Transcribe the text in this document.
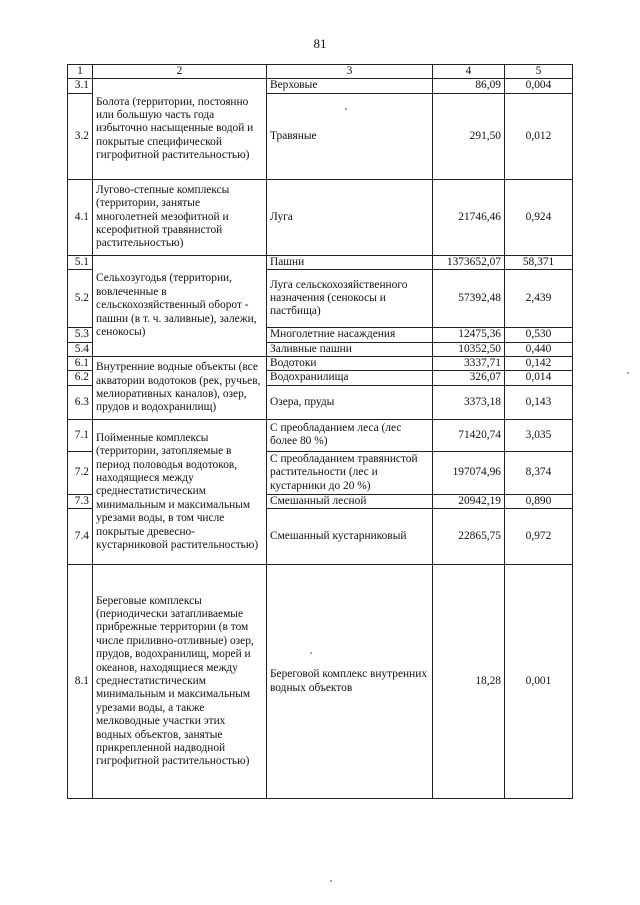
81
1	2	3	4	5
3.1	Болота (территории, постоянно или большую часть года избыточно насыщенные водой и покрытые специфической гигрофитной растительностью)	Верховые	86,09	0,004
3.2		Травяные	291,50	0,012
4.1	Лугово-степные комплексы (территории, занятые многолетней мезофитной и ксерофитной травянистой растительностью)	Луга	21746,46	0,924
5.1	Сельхозугодья (территории, вовлеченные в сельскохозяйственный оборот - пашни (в т. ч. заливные), залежи, сенокосы)	Пашни	1373652,07	58,371
5.2		Луга сельскохозяйственного назначения (сенокосы и пастбища)	57392,48	2,439
5.3		Многолетние насаждения	12475,36	0,530
5.4		Заливные пашни	10352,50	0,440
6.1	Внутренние водные объекты (все акватории водотоков (рек, ручьев, мелиоративных каналов), озер, прудов и водохранилищ)	Водотоки	3337,71	0,142
6.2		Водохранилища	326,07	0,014
6.3		Озера, пруды	3373,18	0,143
7.1	Пойменные комплексы (территории, затопляемые в период половодья водотоков, находящиеся между среднестатистическим минимальным и максимальным урезами воды, в том числе покрытые древесно-кустарниковой растительностью)	С преобладанием леса (лес более 80 %)	71420,74	3,035
7.2		С преобладанием травянистой растительности (лес и кустарники до 20 %)	197074,96	8,374
7.3		Смешанный лесной	20942,19	0,890
7.4		Смешанный кустарниковый	22865,75	0,972
8.1	Береговые комплексы (периодически затапливаемые прибрежные территории (в том числе приливно-отливные) озер, прудов, водохранилищ, морей и океанов, находящиеся между среднестатистическим минимальным и максимальным урезами воды, а также мелководные участки этих водных объектов, занятые прикрепленной надводной гигрофитной растительностью)	Береговой комплекс внутренних водных объектов	18,28	0,001
